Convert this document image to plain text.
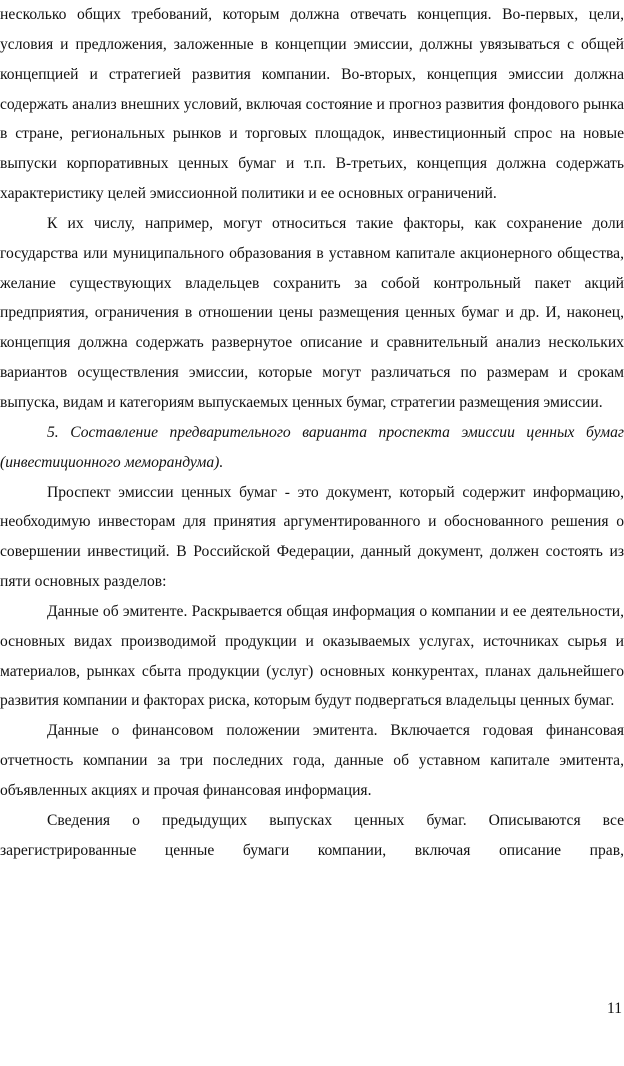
несколько общих требований, которым должна отвечать концепция. Во-первых, цели, условия и предложения, заложенные в концепции эмиссии, должны увязываться с общей концепцией и стратегией развития компании. Во-вторых, концепция эмиссии должна содержать анализ внешних условий, включая состояние и прогноз развития фондового рынка в стране, региональных рынков и торговых площадок, инвестиционный спрос на новые выпуски корпоративных ценных бумаг и т.п. В-третьих, концепция должна содержать характеристику целей эмиссионной политики и ее основных ограничений.

К их числу, например, могут относиться такие факторы, как сохранение доли государства или муниципального образования в уставном капитале акционерного общества, желание существующих владельцев сохранить за собой контрольный пакет акций предприятия, ограничения в отношении цены размещения ценных бумаг и др. И, наконец, концепция должна содержать развернутое описание и сравнительный анализ нескольких вариантов осуществления эмиссии, которые могут различаться по размерам и срокам выпуска, видам и категориям выпускаемых ценных бумаг, стратегии размещения эмиссии.

5. Составление предварительного варианта проспекта эмиссии ценных бумаг (инвестиционного меморандума).

Проспект эмиссии ценных бумаг - это документ, который содержит информацию, необходимую инвесторам для принятия аргументированного и обоснованного решения о совершении инвестиций. В Российской Федерации, данный документ, должен состоять из пяти основных разделов:

Данные об эмитенте. Раскрывается общая информация о компании и ее деятельности, основных видах производимой продукции и оказываемых услугах, источниках сырья и материалов, рынках сбыта продукции (услуг) основных конкурентах, планах дальнейшего развития компании и факторах риска, которым будут подвергаться владельцы ценных бумаг.

Данные о финансовом положении эмитента. Включается годовая финансовая отчетность компании за три последних года, данные об уставном капитале эмитента, объявленных акциях и прочая финансовая информация.

Сведения о предыдущих выпусках ценных бумаг. Описываются все зарегистрированные ценные бумаги компании, включая описание прав,

11
